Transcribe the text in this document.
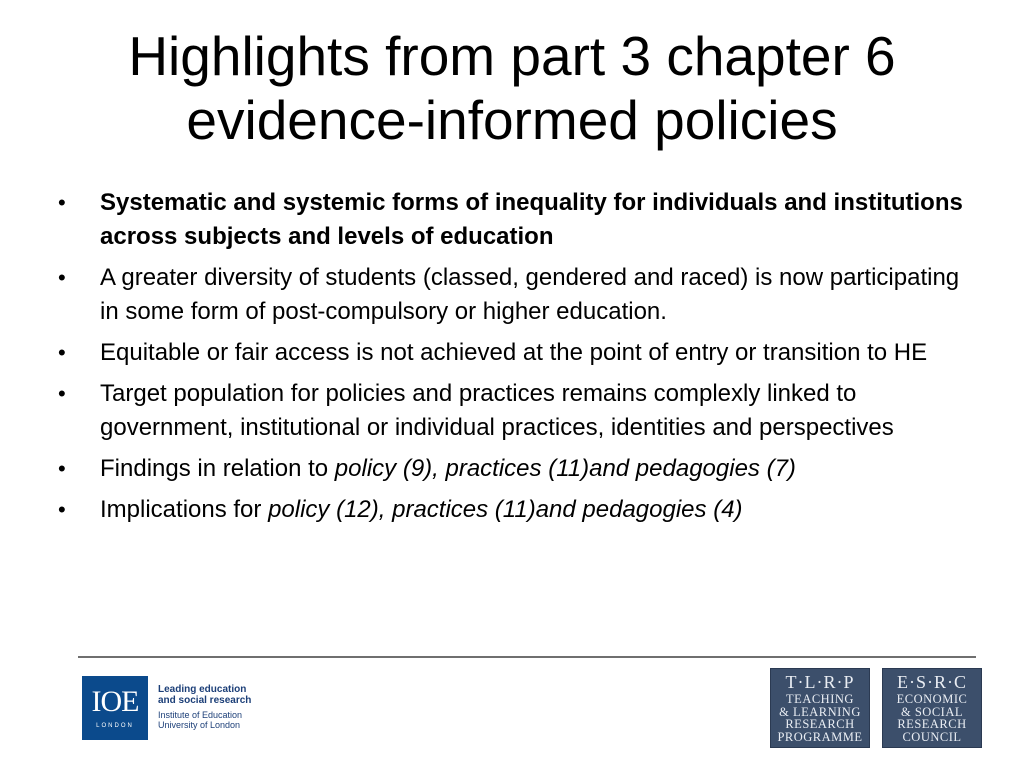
Highlights from part 3 chapter 6
evidence-informed policies
•	Systematic and systemic forms of inequality for individuals and institutions across subjects and levels of education
•	A greater diversity of students (classed, gendered and raced) is now participating in some form of post-compulsory or higher education.
•	Equitable or fair access is not achieved at the point of entry or transition to HE
•	Target population for policies and practices remains complexly linked to government, institutional or individual practices, identities and perspectives
•	Findings in relation to policy (9), practices (11)and pedagogies (7)
•	Implications for policy (12), practices (11)and pedagogies (4)
IOE
LONDON
Leading education
and social research
Institute of Education
University of London
T·L·R·P
TEACHING
& LEARNING
RESEARCH
PROGRAMME
E·S·R·C
ECONOMIC
& SOCIAL
RESEARCH
COUNCIL
